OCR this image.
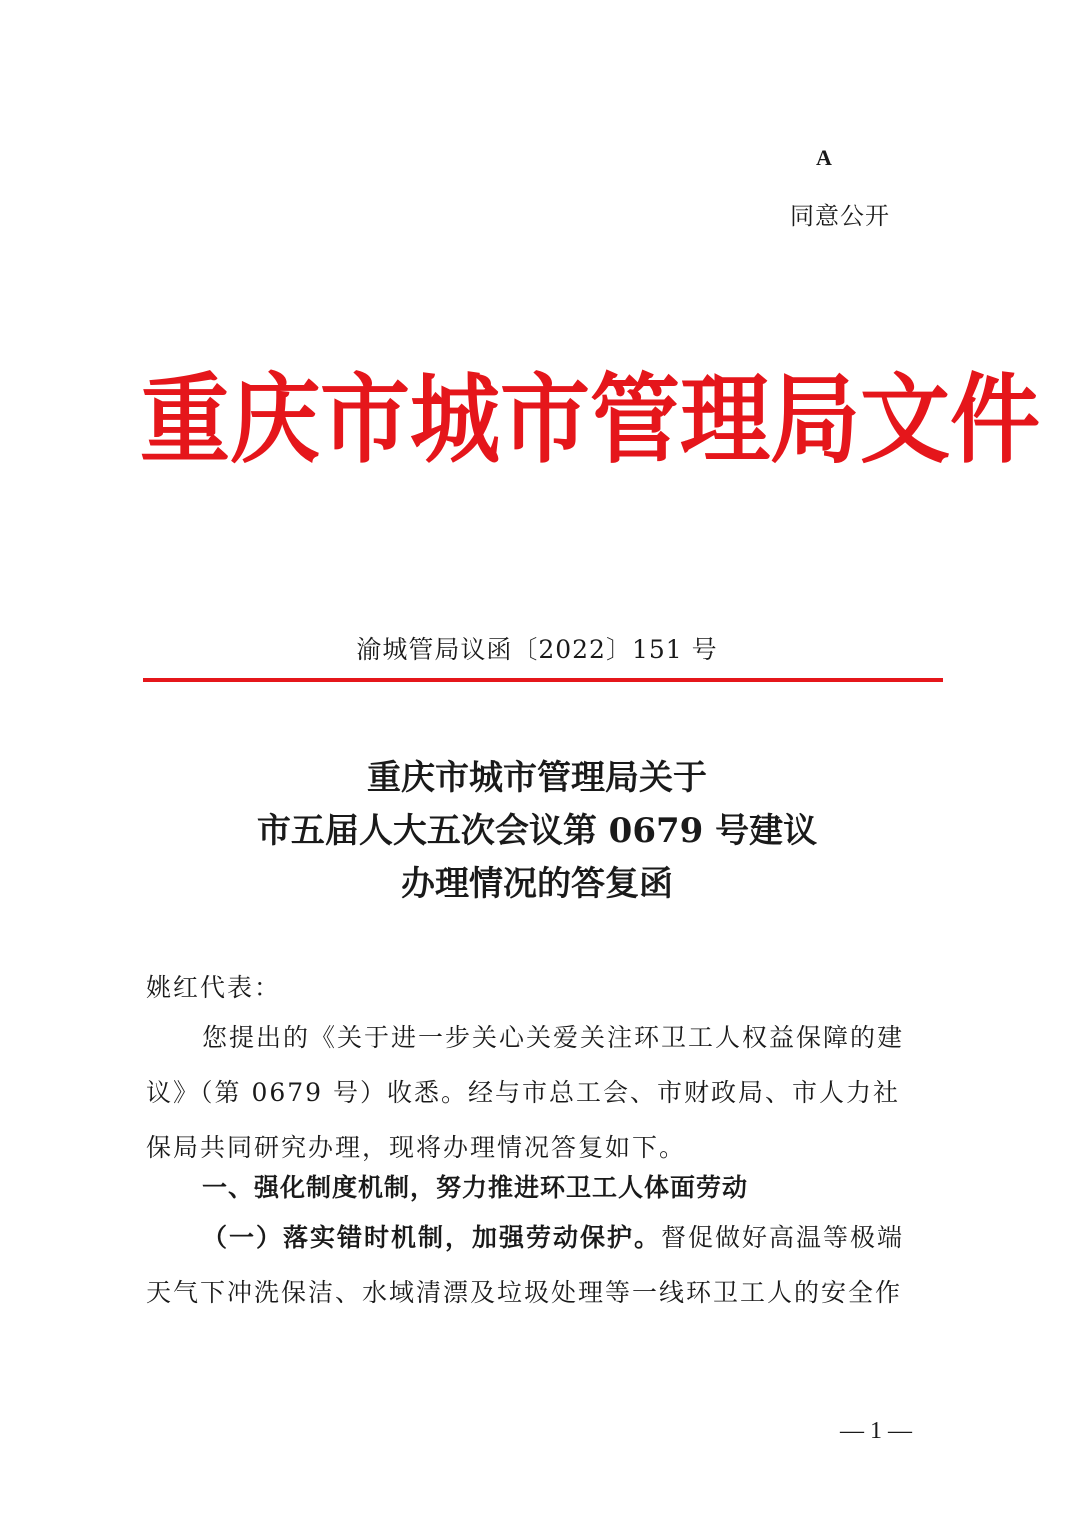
A
同意公开
重 庆 市 城 市 管 理 局 文 件
渝城管局议函〔2022〕151 号
重庆市城市管理局关于
市五届人大五次会议第 0679 号建议
办理情况的答复函
姚红代表：
您提出的《关于进一步关心关爱关注环卫工人权益保障的建
议》（第 0679 号）收悉。经与市总工会、市财政局、市人力社
保局共同研究办理，现将办理情况答复如下。
一、强化制度机制，努力推进环卫工人体面劳动
（一）落实错时机制，加强劳动保护。督促做好高温等极端
天气下冲洗保洁、水域清漂及垃圾处理等一线环卫工人的安全作
— 1 —
